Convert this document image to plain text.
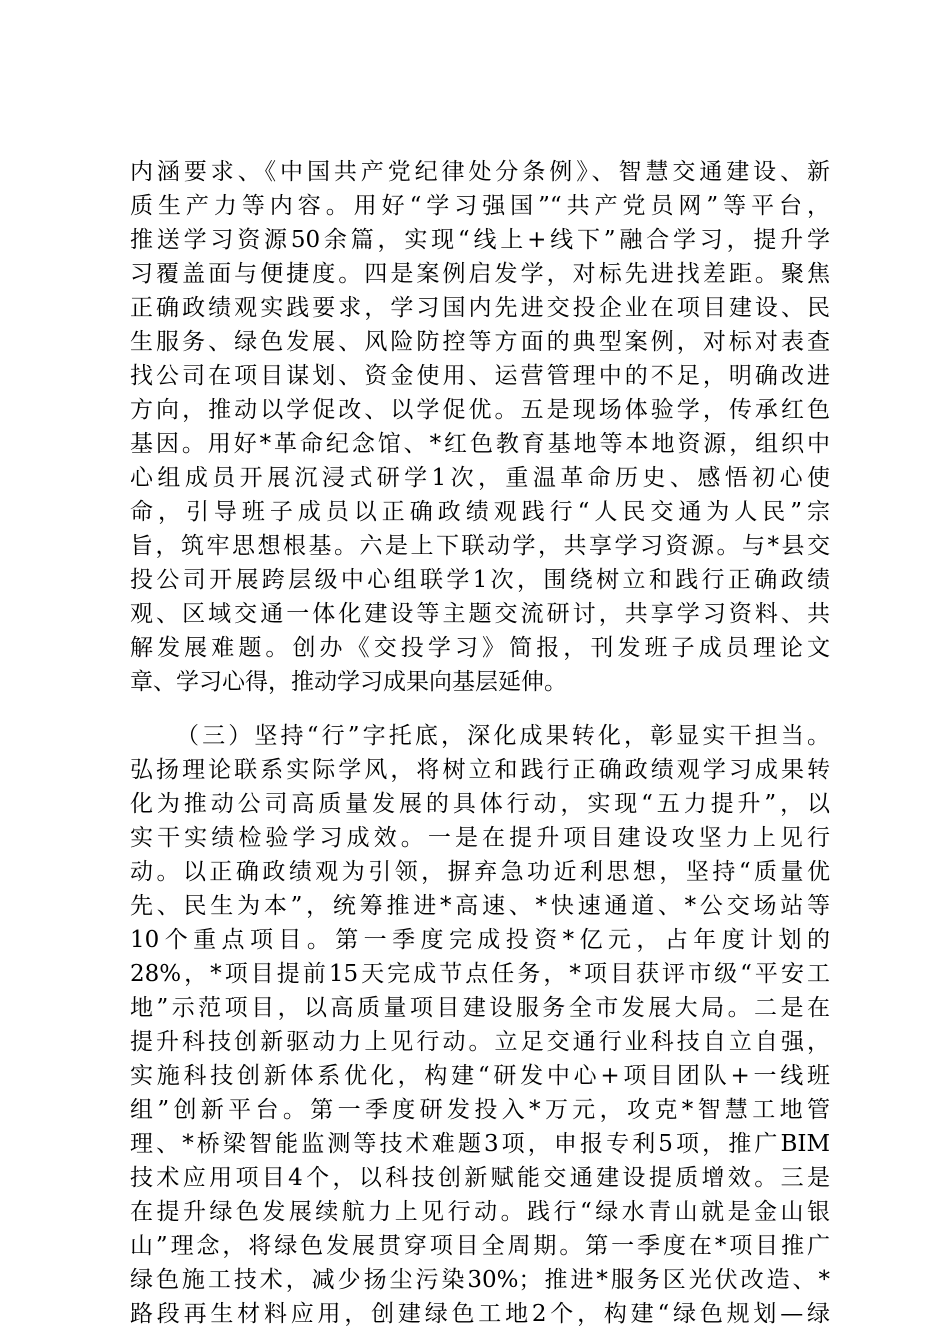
内涵要求、《中国共产党纪律处分条例》、智慧交通建设、新
质生产力等内容。用好“学习强国”“共产党员网”等平台，
推送学习资源50余篇，实现“线上+线下”融合学习，提升学
习覆盖面与便捷度。四是案例启发学，对标先进找差距。聚焦
正确政绩观实践要求，学习国内先进交投企业在项目建设、民
生服务、绿色发展、风险防控等方面的典型案例，对标对表查
找公司在项目谋划、资金使用、运营管理中的不足，明确改进
方向，推动以学促改、以学促优。五是现场体验学，传承红色
基因。用好*革命纪念馆、*红色教育基地等本地资源，组织中
心组成员开展沉浸式研学1次，重温革命历史、感悟初心使
命，引导班子成员以正确政绩观践行“人民交通为人民”宗
旨，筑牢思想根基。六是上下联动学，共享学习资源。与*县交
投公司开展跨层级中心组联学1次，围绕树立和践行正确政绩
观、区域交通一体化建设等主题交流研讨，共享学习资料、共
解发展难题。创办《交投学习》简报，刊发班子成员理论文
章、学习心得，推动学习成果向基层延伸。
（三）坚持“行”字托底，深化成果转化，彰显实干担当。
弘扬理论联系实际学风，将树立和践行正确政绩观学习成果转
化为推动公司高质量发展的具体行动，实现“五力提升”，以
实干实绩检验学习成效。一是在提升项目建设攻坚力上见行
动。以正确政绩观为引领，摒弃急功近利思想，坚持“质量优
先、民生为本”，统筹推进*高速、*快速通道、*公交场站等
10个重点项目。第一季度完成投资*亿元，占年度计划的
28%，*项目提前15天完成节点任务，*项目获评市级“平安工
地”示范项目，以高质量项目建设服务全市发展大局。二是在
提升科技创新驱动力上见行动。立足交通行业科技自立自强，
实施科技创新体系优化，构建“研发中心+项目团队+一线班
组”创新平台。第一季度研发投入*万元，攻克*智慧工地管
理、*桥梁智能监测等技术难题3项，申报专利5项，推广BIM
技术应用项目4个，以科技创新赋能交通建设提质增效。三是
在提升绿色发展续航力上见行动。践行“绿水青山就是金山银
山”理念，将绿色发展贯穿项目全周期。第一季度在*项目推广
绿色施工技术，减少扬尘污染30%；推进*服务区光伏改造、*
路段再生材料应用，创建绿色工地2个，构建“绿色规划—绿
